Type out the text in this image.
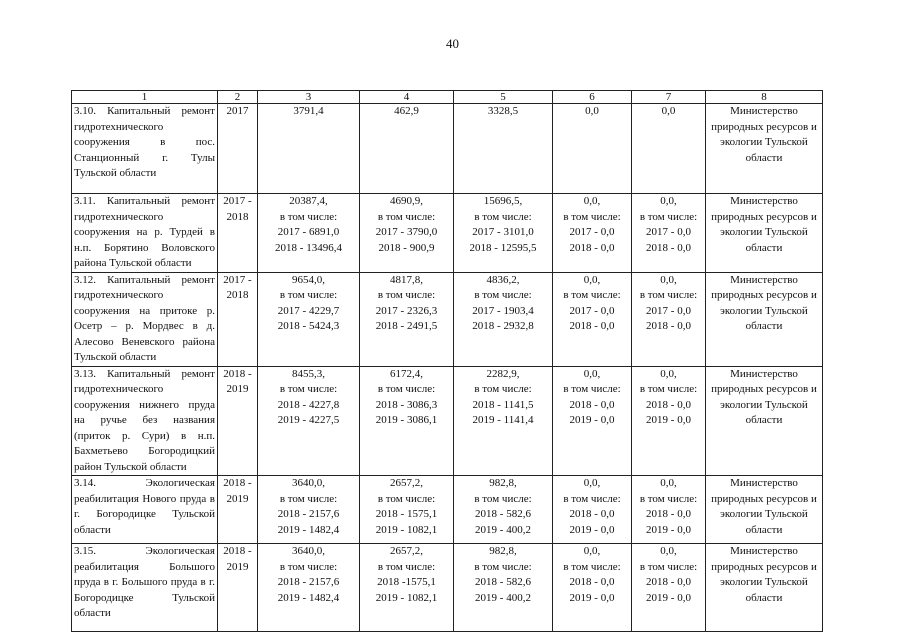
40
1	2	3	4	5	6	7	8
3.10. Капитальный ремонт гидротехнического сооружения в пос. Станционный г. Тулы Тульской области	2017	3791,4	462,9	3328,5	0,0	0,0	Министерство природных ресурсов и экологии Тульской области
3.11. Капитальный ремонт гидротехнического сооружения на р. Турдей в н.п. Борятино Воловского района Тульской области	2017 -
2018	20387,4,
в том числе:
2017 - 6891,0
2018 - 13496,4	4690,9,
в том числе:
2017 - 3790,0
2018 - 900,9	15696,5,
в том числе:
2017 - 3101,0
2018 - 12595,5	0,0,
в том числе:
2017 - 0,0
2018 - 0,0	0,0,
в том числе:
2017 - 0,0
2018 - 0,0	Министерство природных ресурсов и экологии Тульской области
3.12. Капитальный ремонт гидротехнического сооружения на притоке р. Осетр – р. Мордвес в д. Алесово Веневского района Тульской области	2017 -
2018	9654,0,
в том числе:
2017 - 4229,7
2018 - 5424,3	4817,8,
в том числе:
2017 - 2326,3
2018 - 2491,5	4836,2,
в том числе:
2017 - 1903,4
2018 - 2932,8	0,0,
в том числе:
2017 - 0,0
2018 - 0,0	0,0,
в том числе:
2017 - 0,0
2018 - 0,0	Министерство природных ресурсов и экологии Тульской области
3.13. Капитальный ремонт гидротехнического сооружения нижнего пруда на ручье без названия (приток р. Сури) в н.п. Бахметьево Богородицкий район Тульской области	2018 -
2019	8455,3,
в том числе:
2018 - 4227,8
2019 - 4227,5	6172,4,
в том числе:
2018 - 3086,3
2019 - 3086,1	2282,9,
в том числе:
2018 - 1141,5
2019 - 1141,4	0,0,
в том числе:
2018 - 0,0
2019 - 0,0	0,0,
в том числе:
2018 - 0,0
2019 - 0,0	Министерство природных ресурсов и экологии Тульской области
3.14. Экологическая реабилитация Нового пруда в г. Богородицке Тульской области	2018 -
2019	3640,0,
в том числе:
2018 - 2157,6
2019 - 1482,4	2657,2,
в том числе:
2018 - 1575,1
2019 - 1082,1	982,8,
в том числе:
2018 - 582,6
2019 - 400,2	0,0,
в том числе:
2018 - 0,0
2019 - 0,0	0,0,
в том числе:
2018 - 0,0
2019 - 0,0	Министерство природных ресурсов и экологии Тульской области
3.15. Экологическая реабилитация Большого пруда в г. Большого пруда в г. Богородицке Тульской области	2018 -
2019	3640,0,
в том числе:
2018 - 2157,6
2019 - 1482,4	2657,2,
в том числе:
2018 -1575,1
2019 - 1082,1	982,8,
в том числе:
2018 - 582,6
2019 - 400,2	0,0,
в том числе:
2018 - 0,0
2019 - 0,0	0,0,
в том числе:
2018 - 0,0
2019 - 0,0	Министерство природных ресурсов и экологии Тульской области
